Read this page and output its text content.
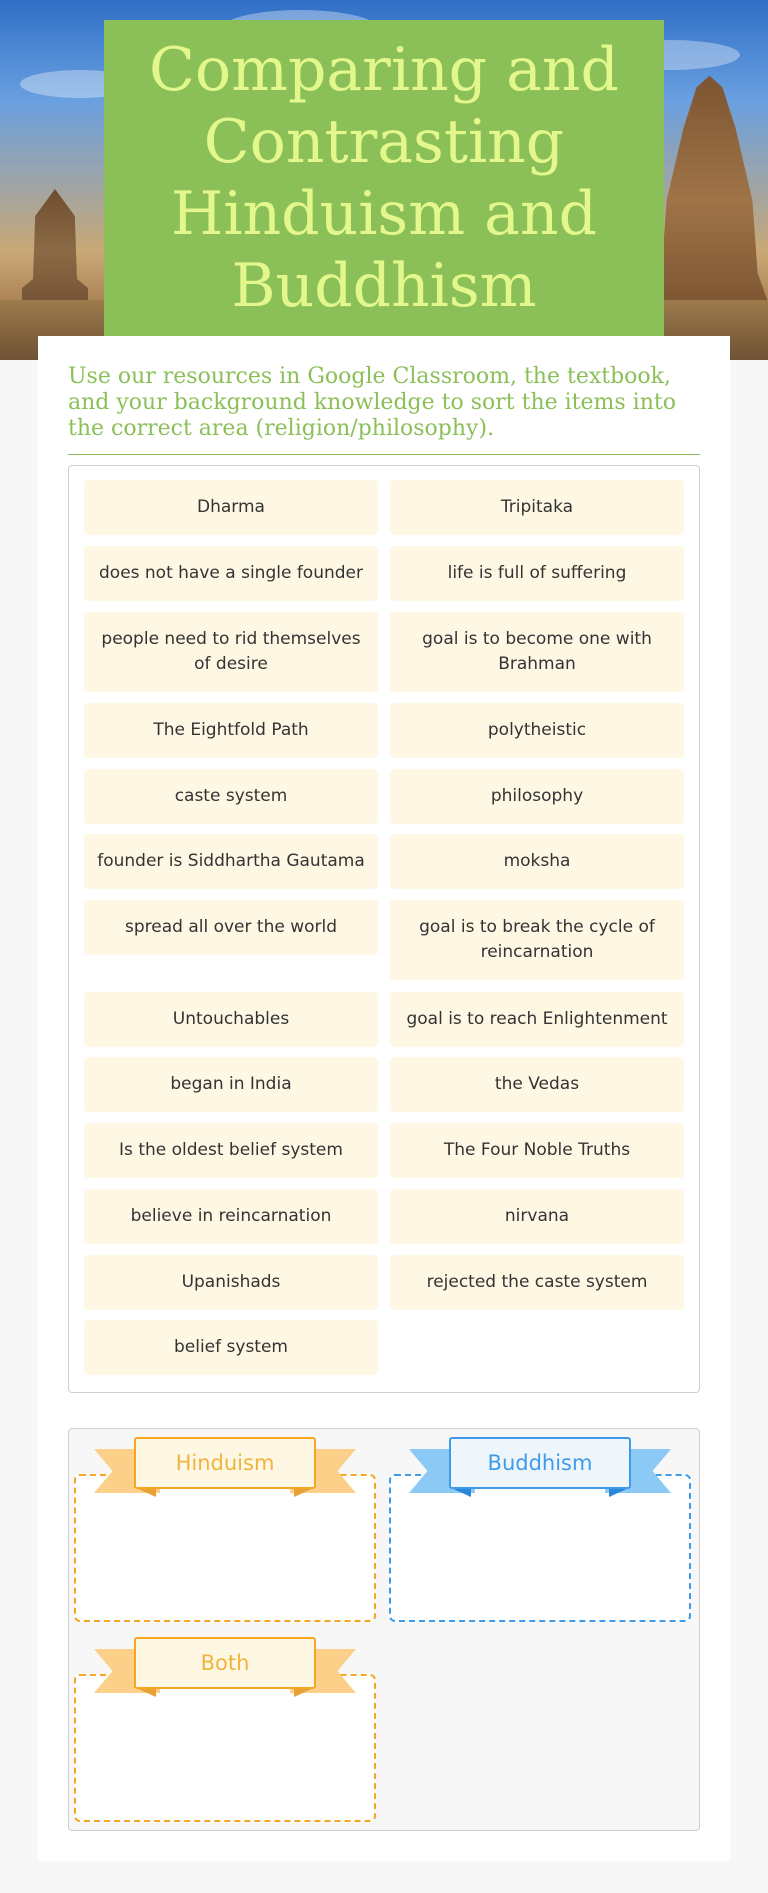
Comparing and Contrasting Hinduism and Buddhism

Use our resources in Google Classroom, the textbook, and your background knowledge to sort the items into the correct area (religion/philosophy).

Dharma	Tripitaka
does not have a single founder	life is full of suffering
people need to rid themselves of desire
goal is to become one with Brahman
The Eightfold Path	polytheistic
caste system	philosophy
founder is Siddhartha Gautama	moksha
spread all over the world	goal is to break the cycle of reincarnation
Untouchables	goal is to reach Enlightenment
began in India	the Vedas
Is the oldest belief system	The Four Noble Truths
believe in reincarnation	nirvana
Upanishads	rejected the caste system
belief system
Hinduism	Buddhism
Both
